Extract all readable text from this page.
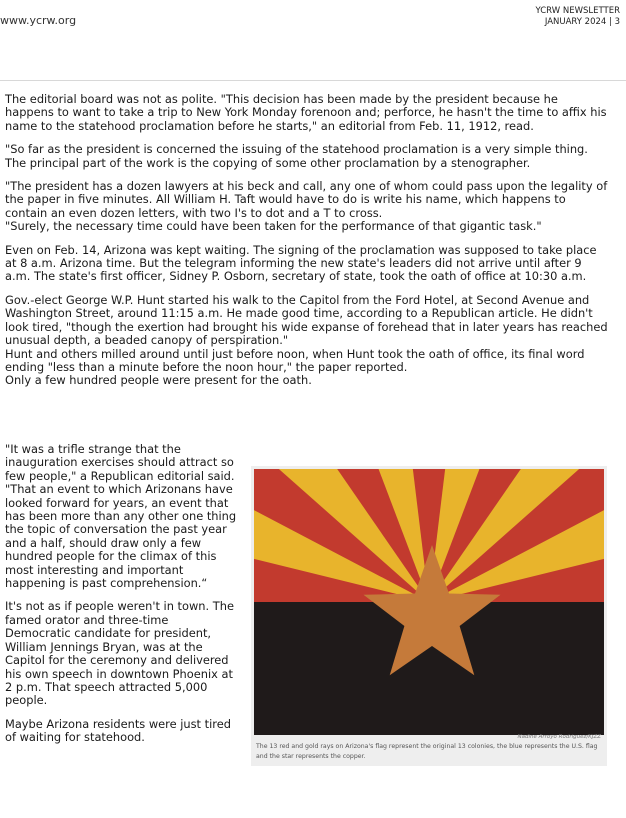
www.ycrw.org
YCRW NEWSLETTER
JANUARY 2024 | 3

The editorial board was not as polite. "This decision has been made by the president because he happens to want to take a trip to New York Monday forenoon and; perforce, he hasn't the time to affix his name to the statehood proclamation before he starts," an editorial from Feb. 11, 1912, read.

"So far as the president is concerned the issuing of the statehood proclamation is a very simple thing. The principal part of the work is the copying of some other proclamation by a stenographer.

"The president has a dozen lawyers at his beck and call, any one of whom could pass upon the legality of the paper in five minutes. All William H. Taft would have to do is write his name, which happens to contain an even dozen letters, with two I's to dot and a T to cross.
"Surely, the necessary time could have been taken for the performance of that gigantic task."

Even on Feb. 14, Arizona was kept waiting. The signing of the proclamation was supposed to take place at 8 a.m. Arizona time. But the telegram informing the new state's leaders did not arrive until after 9 a.m. The state's first officer, Sidney P. Osborn, secretary of state, took the oath of office at 10:30 a.m.

Gov.-elect George W.P. Hunt started his walk to the Capitol from the Ford Hotel, at Second Avenue and Washington Street, around 11:15 a.m. He made good time, according to a Republican article. He didn't look tired, "though the exertion had brought his wide expanse of forehead that in later years has reached unusual depth, a beaded canopy of perspiration."
Hunt and others milled around until just before noon, when Hunt took the oath of office, its final word ending "less than a minute before the noon hour," the paper reported.
Only a few hundred people were present for the oath.

"It was a trifle strange that the inauguration exercises should attract so few people," a Republican editorial said. "That an event to which Arizonans have looked forward for years, an event that has been more than any other one thing the topic of conversation the past year and a half, should draw only a few hundred people for the climax of this most interesting and important happening is past comprehension.“

It's not as if people weren't in town. The famed orator and three-time Democratic candidate for president, William Jennings Bryan, was at the Capitol for the ceremony and delivered his own speech in downtown Phoenix at 2 p.m. That speech attracted 5,000 people.

Maybe Arizona residents were just tired of waiting for statehood.	Nadine Arroyo Rodriguez/KJZZ
The 13 red and gold rays on Arizona's flag represent the original 13 colonies, the blue represents the U.S. flag and the star represents the copper.
